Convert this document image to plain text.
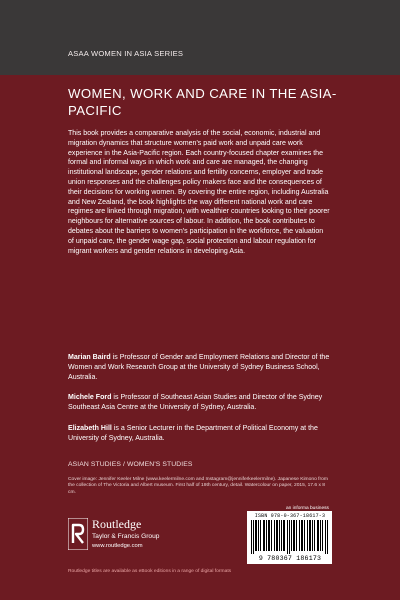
ASAA WOMEN IN ASIA SERIES
WOMEN, WORK AND CARE IN THE ASIA-PACIFIC

This book provides a comparative analysis of the social, economic, industrial and migration dynamics that structure women's paid work and unpaid care work experience in the Asia-Pacific region. Each country-focused chapter examines the formal and informal ways in which work and care are managed, the changing institutional landscape, gender relations and fertility concerns, employer and trade union responses and the challenges policy makers face and the consequences of their decisions for working women. By covering the entire region, including Australia and New Zealand, the book highlights the way different national work and care regimes are linked through migration, with wealthier countries looking to their poorer neighbours for alternative sources of labour. In addition, the book contributes to debates about the barriers to women's participation in the workforce, the valuation of unpaid care, the gender wage gap, social protection and labour regulation for migrant workers and gender relations in developing Asia.

Marian Baird is Professor of Gender and Employment Relations and Director of the Women and Work Research Group at the University of Sydney Business School, Australia.

Michele Ford is Professor of Southeast Asian Studies and Director of the Sydney Southeast Asia Centre at the University of Sydney, Australia.

Elizabeth Hill is a Senior Lecturer in the Department of Political Economy at the University of Sydney, Australia.

ASIAN STUDIES / WOMEN'S STUDIES

Cover image: Jennifer Keeler Milne (www.keelermilne.com and Instagram@jenniferkeelermilne). Japanese Kimono from the collection of The Victoria and Albert museum. First half of 19th century, detail. Watercolour on paper, 2015, 17.6 x 8 cm.

an informa business
ISBN 978-0-367-18617-3
9 780367 186173
Routledge
Taylor & Francis Group
www.routledge.com
Routledge titles are available as eBook editions in a range of digital formats
